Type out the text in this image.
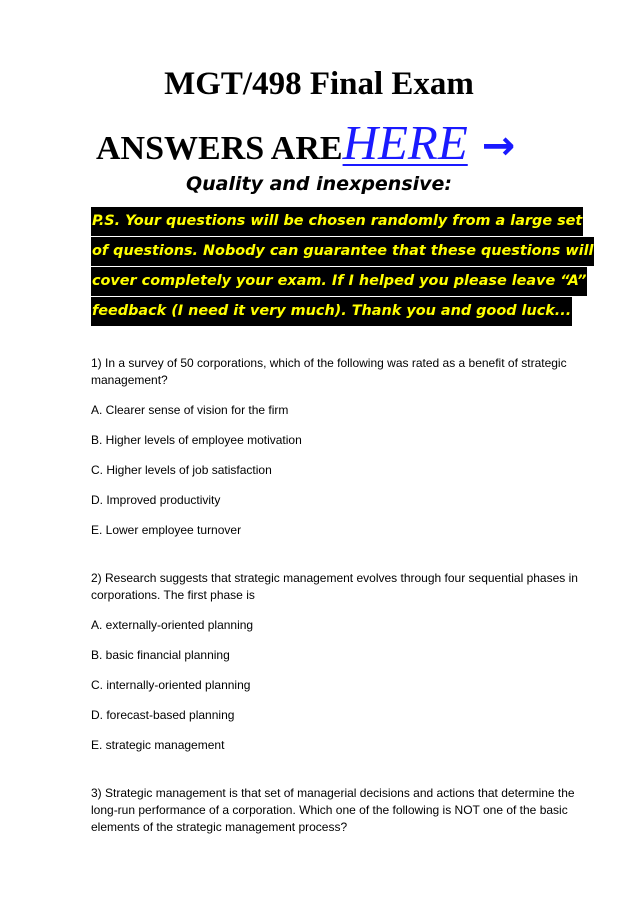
MGT/498 Final Exam
ANSWERS AREHERE →
Quality and inexpensive:
P.S. Your questions will be chosen randomly from a large set
of questions. Nobody can guarantee that these questions will
cover completely your exam. If I helped you please leave “A”
feedback (I need it very much). Thank you and good luck...
1) In a survey of 50 corporations, which of the following was rated as a benefit of strategic management?
A. Clearer sense of vision for the firm
B. Higher levels of employee motivation
C. Higher levels of job satisfaction
D. Improved productivity
E. Lower employee turnover
2) Research suggests that strategic management evolves through four sequential phases in corporations. The first phase is
A. externally-oriented planning
B. basic financial planning
C. internally-oriented planning
D. forecast-based planning
E. strategic management
3) Strategic management is that set of managerial decisions and actions that determine the long-run performance of a corporation. Which one of the following is NOT one of the basic elements of the strategic management process?
